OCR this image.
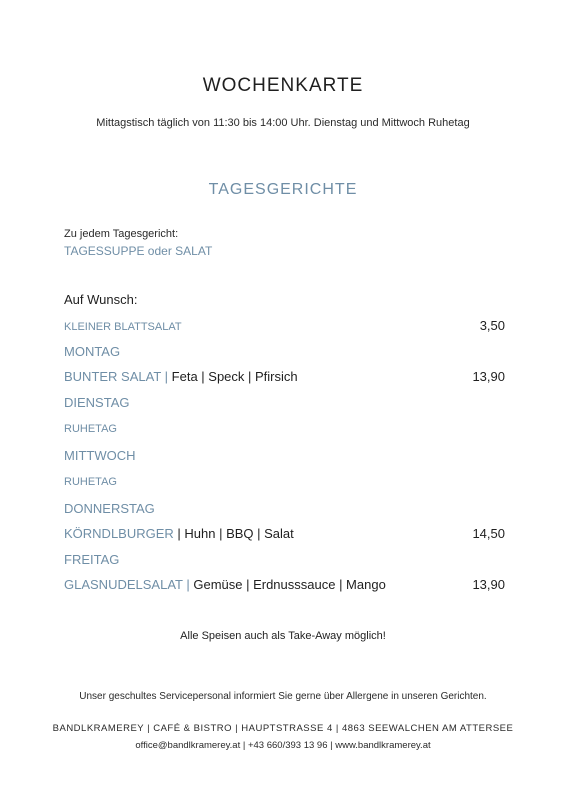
WOCHENKARTE
Mittagstisch täglich von 11:30 bis 14:00 Uhr. Dienstag und Mittwoch Ruhetag
TAGESGERICHTE
Zu jedem Tagesgericht:
TAGESSUPPE oder SALAT
Auf Wunsch:
KLEINER BLATTSALAT	3,50
MONTAG
BUNTER SALAT | Feta | Speck | Pfirsich	13,90
DIENSTAG
RUHETAG
MITTWOCH
RUHETAG
DONNERSTAG
KÖRNDLBURGER | Huhn | BBQ | Salat	14,50
FREITAG
GLASNUDELSALAT | Gemüse | Erdnusssauce | Mango	13,90
Alle Speisen auch als Take-Away möglich!
Unser geschultes Servicepersonal informiert Sie gerne über Allergene in unseren Gerichten.
BANDLKRAMEREY | CAFÉ & BISTRO | HAUPTSTRASSE 4 | 4863 SEEWALCHEN AM ATTERSEE
office@bandlkramerey.at | +43 660/393 13 96 | www.bandlkramerey.at
